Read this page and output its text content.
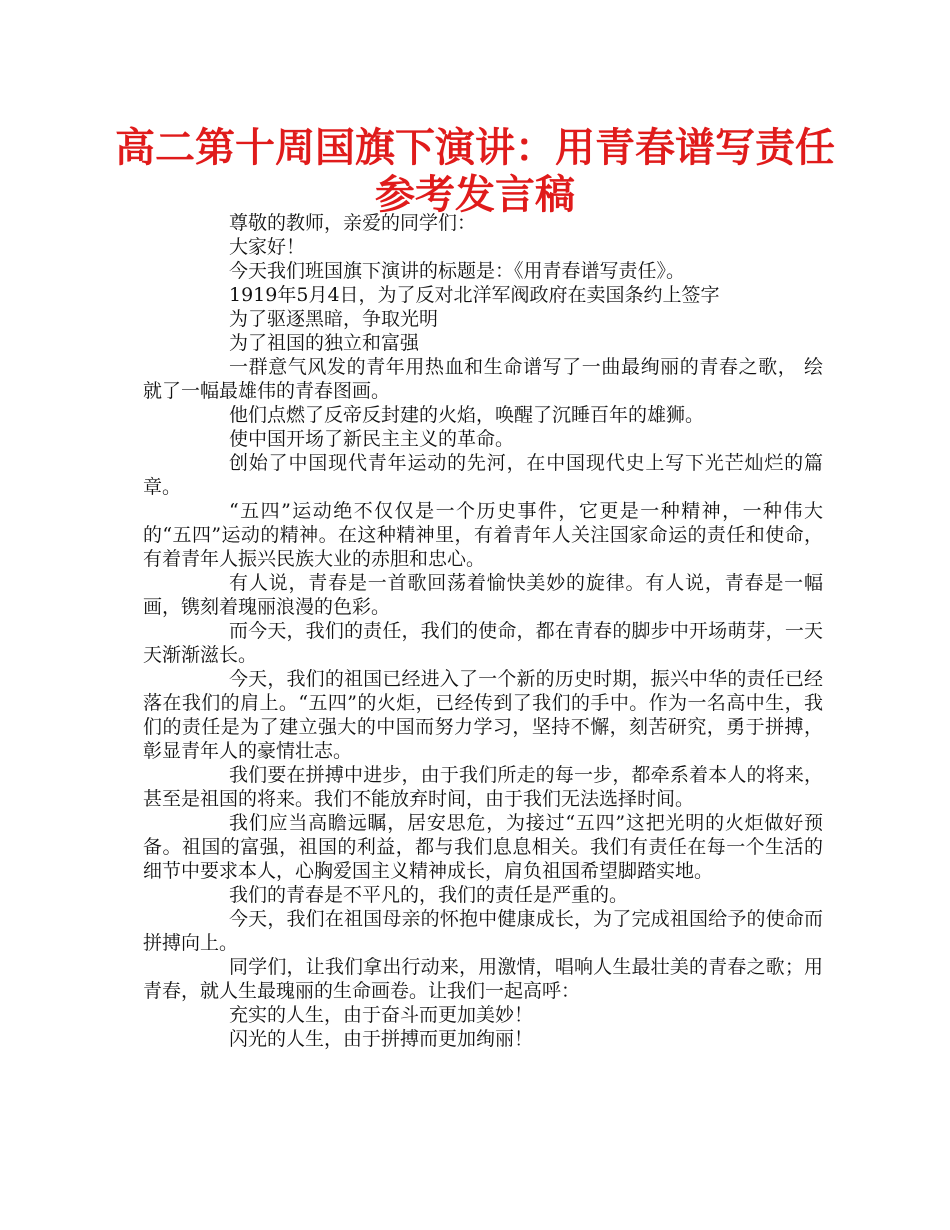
高二第十周国旗下演讲：用青春谱写责任
参考发言稿

尊敬的教师，亲爱的同学们：

大家好！

今天我们班国旗下演讲的标题是：《用青春谱写责任》。

1919年5月4日，为了反对北洋军阀政府在卖国条约上签字

为了驱逐黑暗，争取光明

为了祖国的独立和富强

一群意气风发的青年用热血和生命谱写了一曲最绚丽的青春之歌， 绘就了一幅最雄伟的青春图画。

他们点燃了反帝反封建的火焰，唤醒了沉睡百年的雄狮。

使中国开场了新民主主义的革命。

创始了中国现代青年运动的先河，在中国现代史上写下光芒灿烂的篇章。

“五四”运动绝不仅仅是一个历史事件，它更是一种精神，一种伟大的“五四”运动的精神。在这种精神里，有着青年人关注国家命运的责任和使命，有着青年人振兴民族大业的赤胆和忠心。

有人说，青春是一首歌回荡着愉快美妙的旋律。有人说，青春是一幅画，镌刻着瑰丽浪漫的色彩。

而今天，我们的责任，我们的使命，都在青春的脚步中开场萌芽，一天天渐渐滋长。

今天，我们的祖国已经进入了一个新的历史时期，振兴中华的责任已经落在我们的肩上。“五四”的火炬，已经传到了我们的手中。作为一名高中生，我们的责任是为了建立强大的中国而努力学习，坚持不懈，刻苦研究，勇于拼搏，彰显青年人的豪情壮志。

我们要在拼搏中进步，由于我们所走的每一步，都牵系着本人的将来，甚至是祖国的将来。我们不能放弃时间，由于我们无法选择时间。

我们应当高瞻远瞩，居安思危，为接过“五四”这把光明的火炬做好预备。祖国的富强，祖国的利益，都与我们息息相关。我们有责任在每一个生活的细节中要求本人，心胸爱国主义精神成长，肩负祖国希望脚踏实地。

我们的青春是不平凡的，我们的责任是严重的。

今天，我们在祖国母亲的怀抱中健康成长，为了完成祖国给予的使命而拼搏向上。

同学们，让我们拿出行动来，用激情，唱响人生最壮美的青春之歌；用青春，就人生最瑰丽的生命画卷。让我们一起高呼：

充实的人生，由于奋斗而更加美妙！

闪光的人生，由于拼搏而更加绚丽！
